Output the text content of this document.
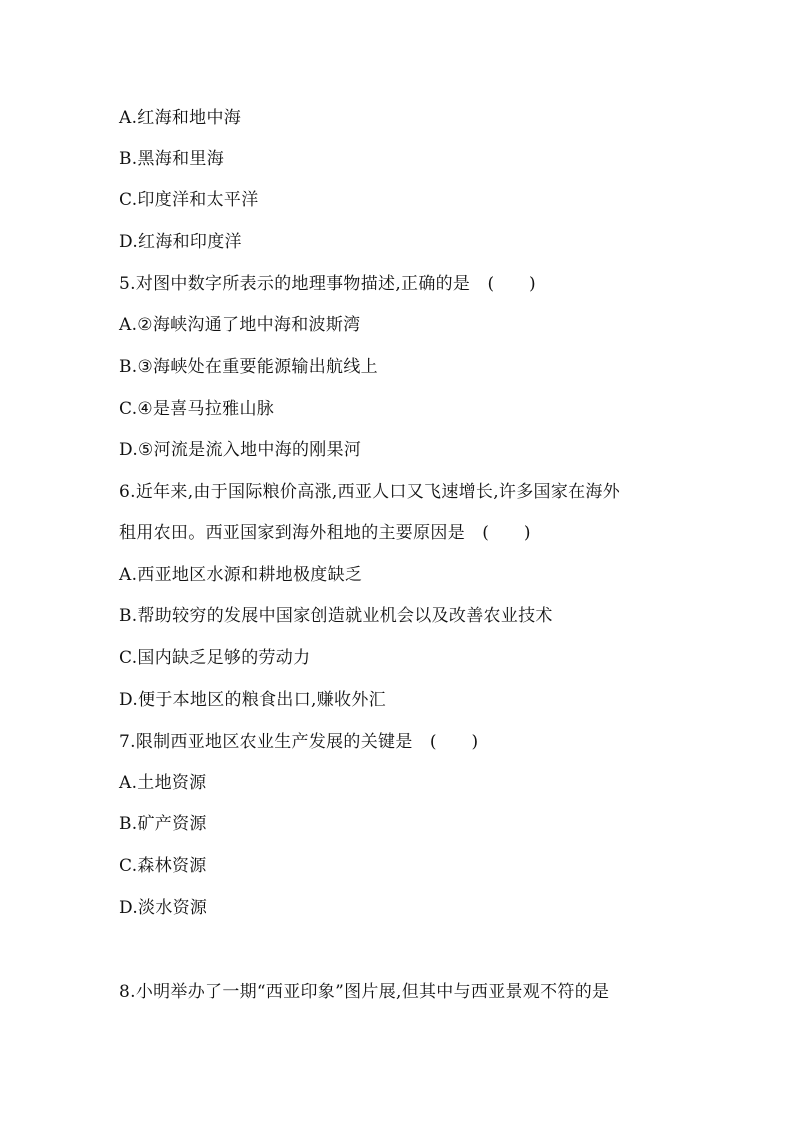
A.红海和地中海
B.黑海和里海
C.印度洋和太平洋
D.红海和印度洋
5.对图中数字所表示的地理事物描述,正确的是　(　　)
A.②海峡沟通了地中海和波斯湾
B.③海峡处在重要能源输出航线上
C.④是喜马拉雅山脉
D.⑤河流是流入地中海的刚果河
6.近年来,由于国际粮价高涨,西亚人口又飞速增长,许多国家在海外
租用农田。西亚国家到海外租地的主要原因是　(　　)
A.西亚地区水源和耕地极度缺乏
B.帮助较穷的发展中国家创造就业机会以及改善农业技术
C.国内缺乏足够的劳动力
D.便于本地区的粮食出口,赚收外汇
7.限制西亚地区农业生产发展的关键是　(　　)
A.土地资源
B.矿产资源
C.森林资源
D.淡水资源
8.小明举办了一期“西亚印象”图片展,但其中与西亚景观不符的是
